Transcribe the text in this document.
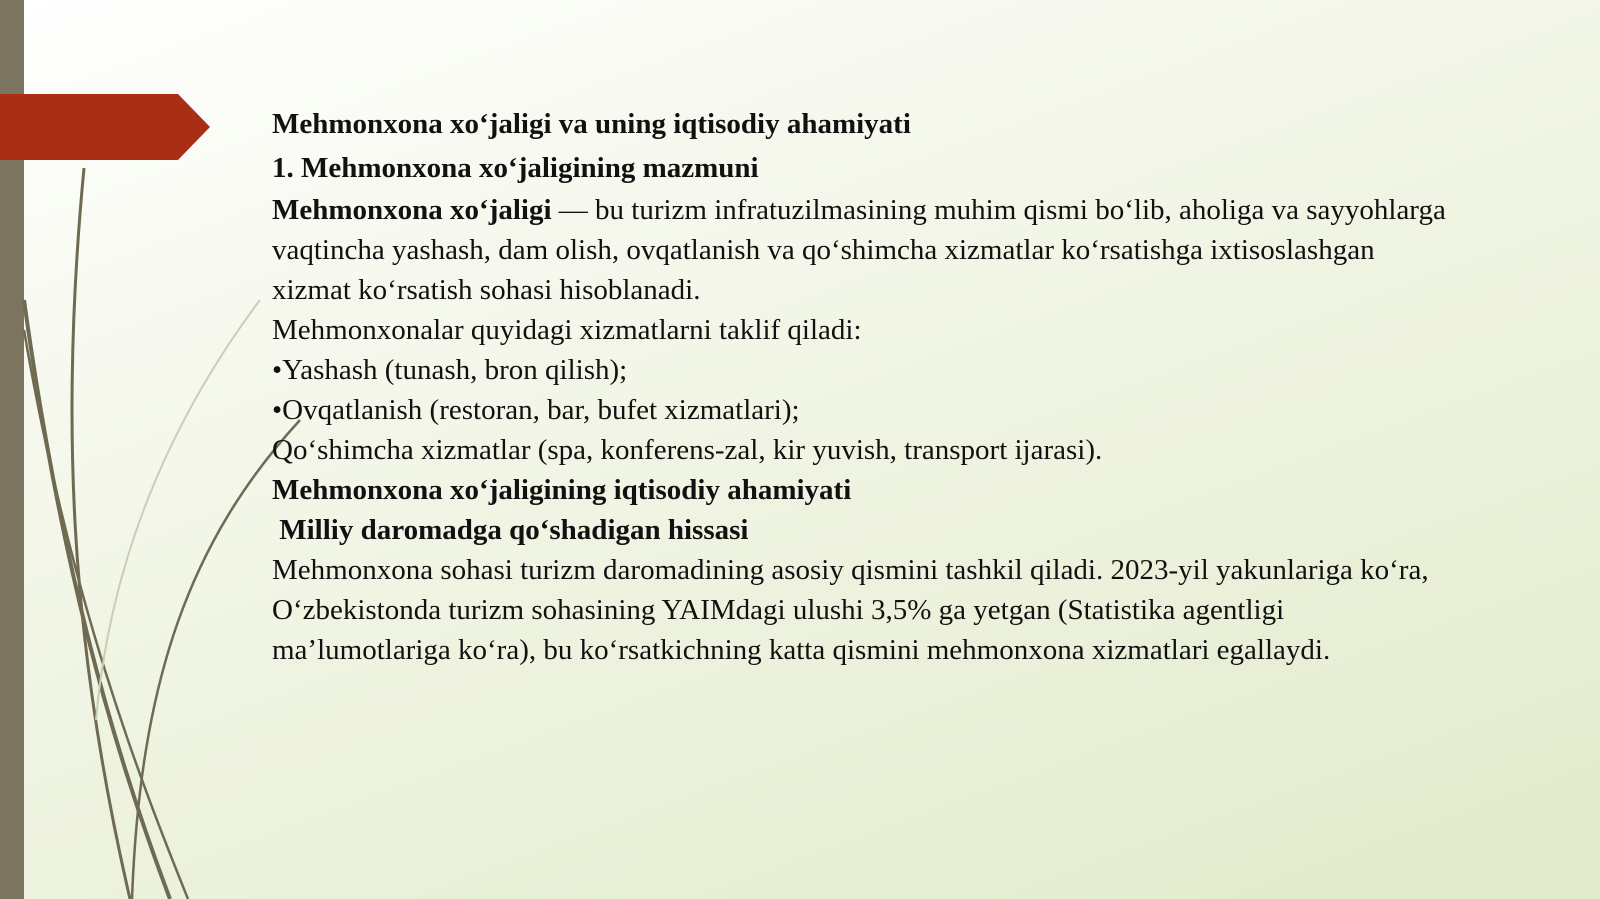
Mehmonxona xo‘jaligi va uning iqtisodiy ahamiyati
1. Mehmonxona xo‘jaligining mazmuni
Mehmonxona xo‘jaligi — bu turizm infratuzilmasining muhim qismi bo‘lib, aholiga va sayyohlarga vaqtincha yashash, dam olish, ovqatlanish va qo‘shimcha xizmatlar ko‘rsatishga ixtisoslashgan xizmat ko‘rsatish sohasi hisoblanadi.
Mehmonxonalar quyidagi xizmatlarni taklif qiladi:
•Yashash (tunash, bron qilish);
•Ovqatlanish (restoran, bar, bufet xizmatlari);
Qo‘shimcha xizmatlar (spa, konferens-zal, kir yuvish, transport ijarasi).
Mehmonxona xo‘jaligining iqtisodiy ahamiyati
Milliy daromadga qo‘shadigan hissasi
Mehmonxona sohasi turizm daromadining asosiy qismini tashkil qiladi. 2023-yil yakunlariga ko‘ra, O‘zbekistonda turizm sohasining YAIMdagi ulushi 3,5% ga yetgan (Statistika agentligi ma’lumotlariga ko‘ra), bu ko‘rsatkichning katta qismini mehmonxona xizmatlari egallaydi.
